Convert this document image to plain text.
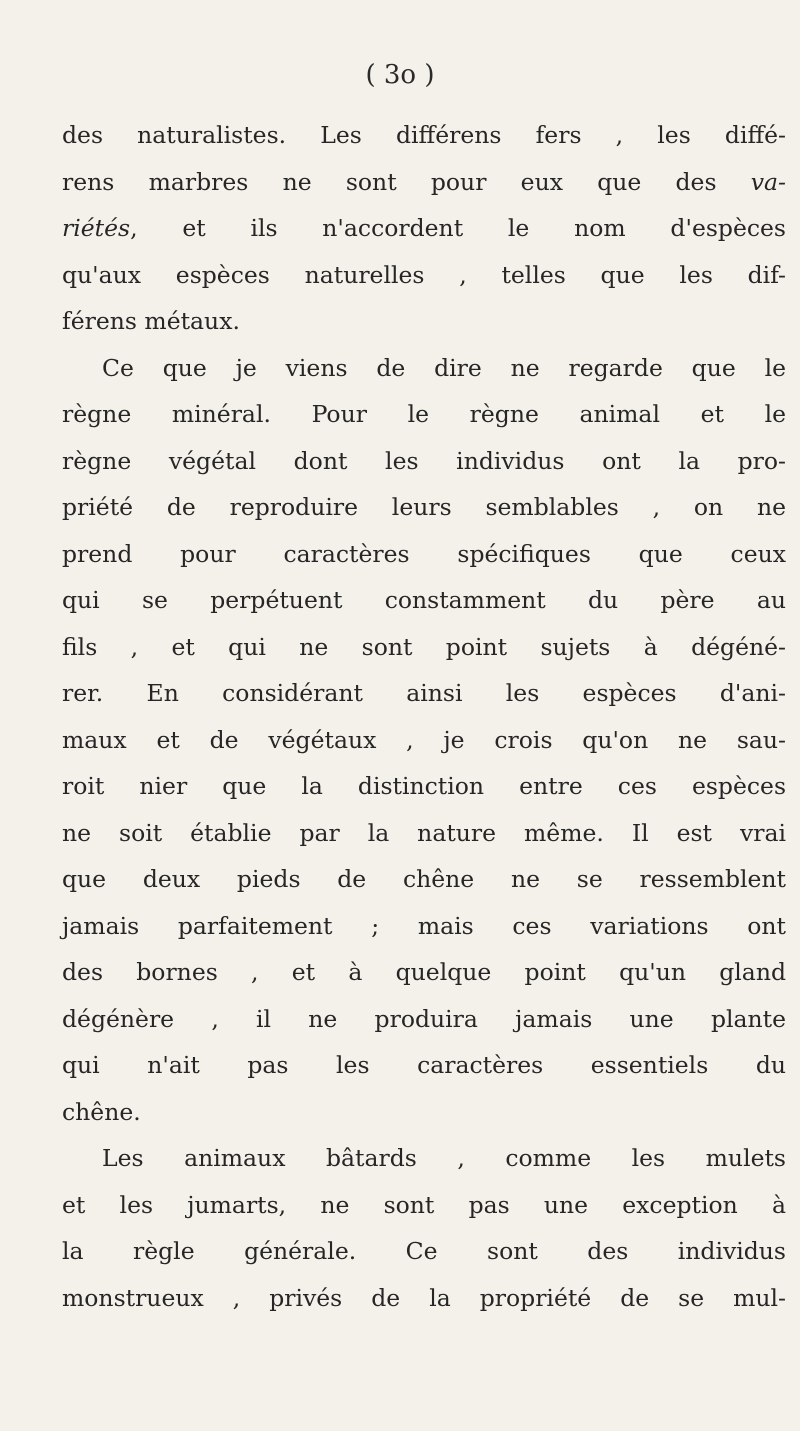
( 3o )
des naturalistes. Les différens fers , les diffé-
rens marbres ne sont pour eux que des va-
riétés, et ils n'accordent le nom d'espèces
qu'aux espèces naturelles , telles que les dif-
férens métaux.
Ce que je viens de dire ne regarde que le
règne minéral. Pour le règne animal et le
règne végétal dont les individus ont la pro-
priété de reproduire leurs semblables , on ne
prend pour caractères spécifiques que ceux
qui se perpétuent constamment du père au
fils , et qui ne sont point sujets à dégéné-
rer. En considérant ainsi les espèces d'ani-
maux et de végétaux , je crois qu'on ne sau-
roit nier que la distinction entre ces espèces
ne soit établie par la nature même. Il est vrai
que deux pieds de chêne ne se ressemblent
jamais parfaitement ; mais ces variations ont
des bornes , et à quelque point qu'un gland
dégénère , il ne produira jamais une plante
qui n'ait pas les caractères essentiels du
chêne.
Les animaux bâtards , comme les mulets
et les jumarts, ne sont pas une exception à
la règle générale. Ce sont des individus
monstrueux , privés de la propriété de se mul-
